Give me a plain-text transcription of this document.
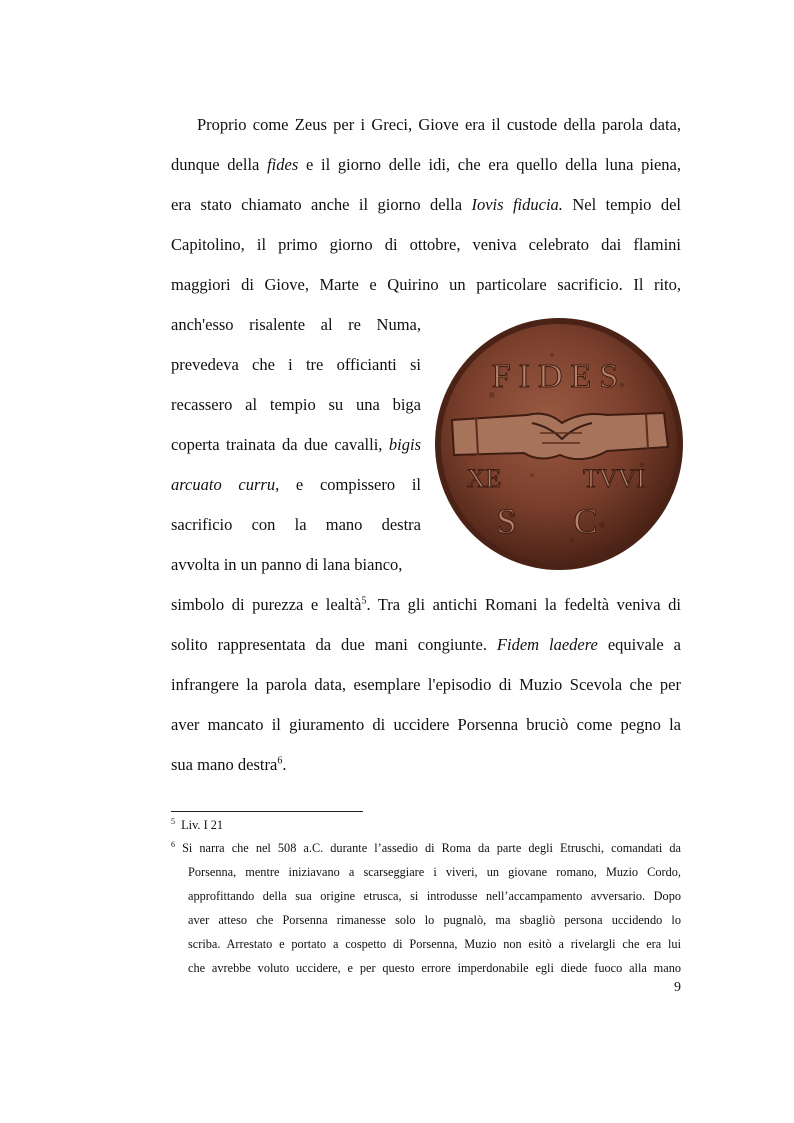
Proprio come Zeus per i Greci, Giove era il custode della parola data,
dunque della fides e il giorno delle idi, che era quello della luna piena,
era stato chiamato anche il giorno della Iovis fiducia. Nel tempio del
Capitolino, il primo giorno di ottobre, veniva celebrato dai flamini
maggiori di Giove, Marte e Quirino un particolare sacrificio. Il rito,
anch'esso risalente al re Numa,
prevedeva che i tre officianti si
recassero al tempio su una biga
coperta trainata da due cavalli, bigis
arcuato curru, e compissero il
sacrificio con la mano destra
avvolta in un panno di lana bianco,
simbolo di purezza e lealtà$^5$. Tra gli antichi Romani la fedeltà veniva di
solito rappresentata da due mani congiunte. Fidem laedere equivale a
infrangere la parola data, esemplare l'episodio di Muzio Scevola che per
aver mancato il giuramento di uccidere Porsenna bruciò come pegno la
sua mano destra$^6$.
FIDES
XE	TVVI
S C
$^5$ Liv. I 21
$^6$ Si narra che nel 508 a.C. durante l’assedio di Roma da parte degli Etruschi, comandati da
Porsenna, mentre iniziavano a scarseggiare i viveri, un giovane romano, Muzio Cordo,
approfittando della sua origine etrusca, si introdusse nell’accampamento avversario. Dopo
aver atteso che Porsenna rimanesse solo lo pugnalò, ma sbagliò persona uccidendo lo
scriba. Arrestato e portato a cospetto di Porsenna, Muzio non esitò a rivelargli che era lui
che avrebbe voluto uccidere, e per questo errore imperdonabile egli diede fuoco alla mano
9
